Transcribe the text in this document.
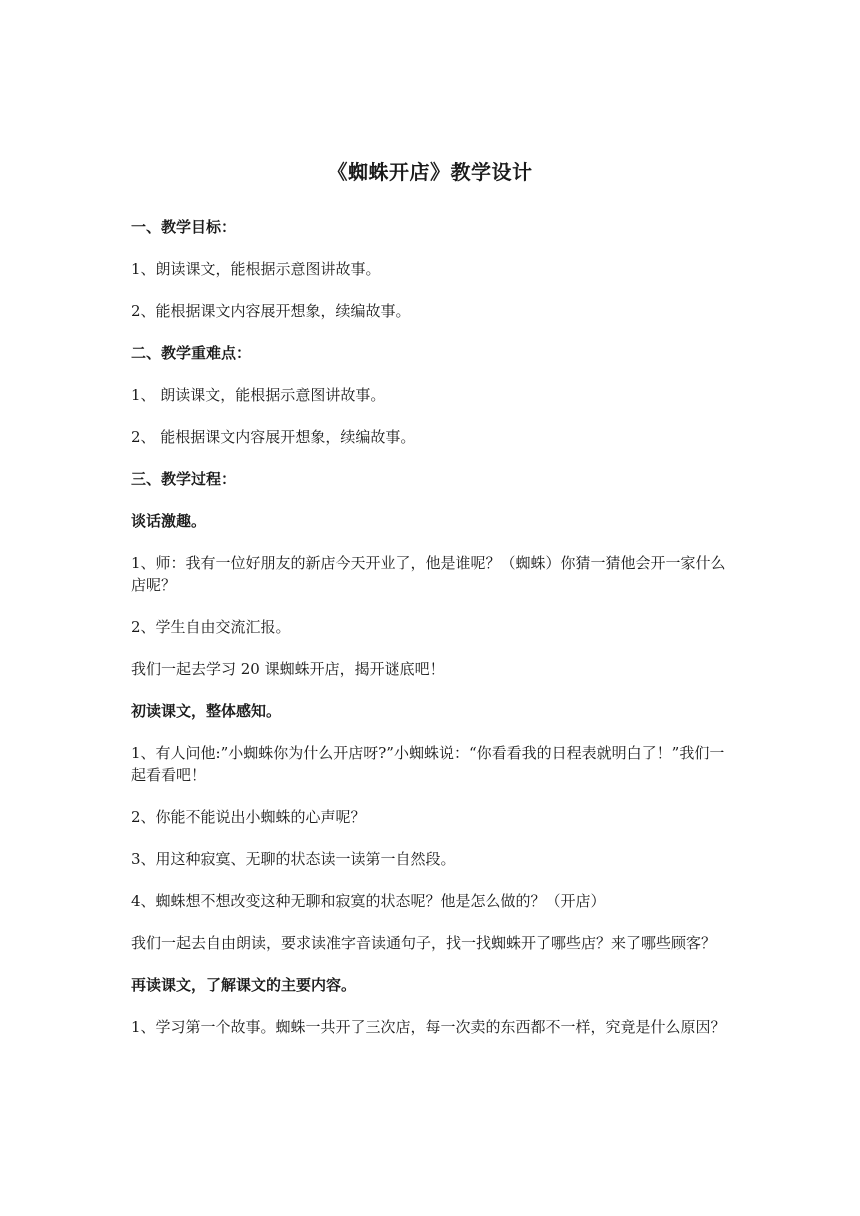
《蜘蛛开店》教学设计

一、教学目标：

1、朗读课文，能根据示意图讲故事。

2、能根据课文内容展开想象，续编故事。

二、教学重难点：

1、 朗读课文，能根据示意图讲故事。

2、 能根据课文内容展开想象，续编故事。

三、教学过程：

谈话激趣。

1、师：我有一位好朋友的新店今天开业了，他是谁呢？（蜘蛛）你猜一猜他会开一家什么店呢？

2、学生自由交流汇报。

我们一起去学习 20 课蜘蛛开店，揭开谜底吧！

初读课文，整体感知。

1、有人问他:”小蜘蛛你为什么开店呀?”小蜘蛛说：“你看看我的日程表就明白了！”我们一起看看吧！

2、你能不能说出小蜘蛛的心声呢？

3、用这种寂寞、无聊的状态读一读第一自然段。

4、蜘蛛想不想改变这种无聊和寂寞的状态呢？他是怎么做的？（开店）

我们一起去自由朗读，要求读准字音读通句子，找一找蜘蛛开了哪些店？来了哪些顾客？

再读课文，了解课文的主要内容。

1、学习第一个故事。蜘蛛一共开了三次店，每一次卖的东西都不一样，究竟是什么原因？
